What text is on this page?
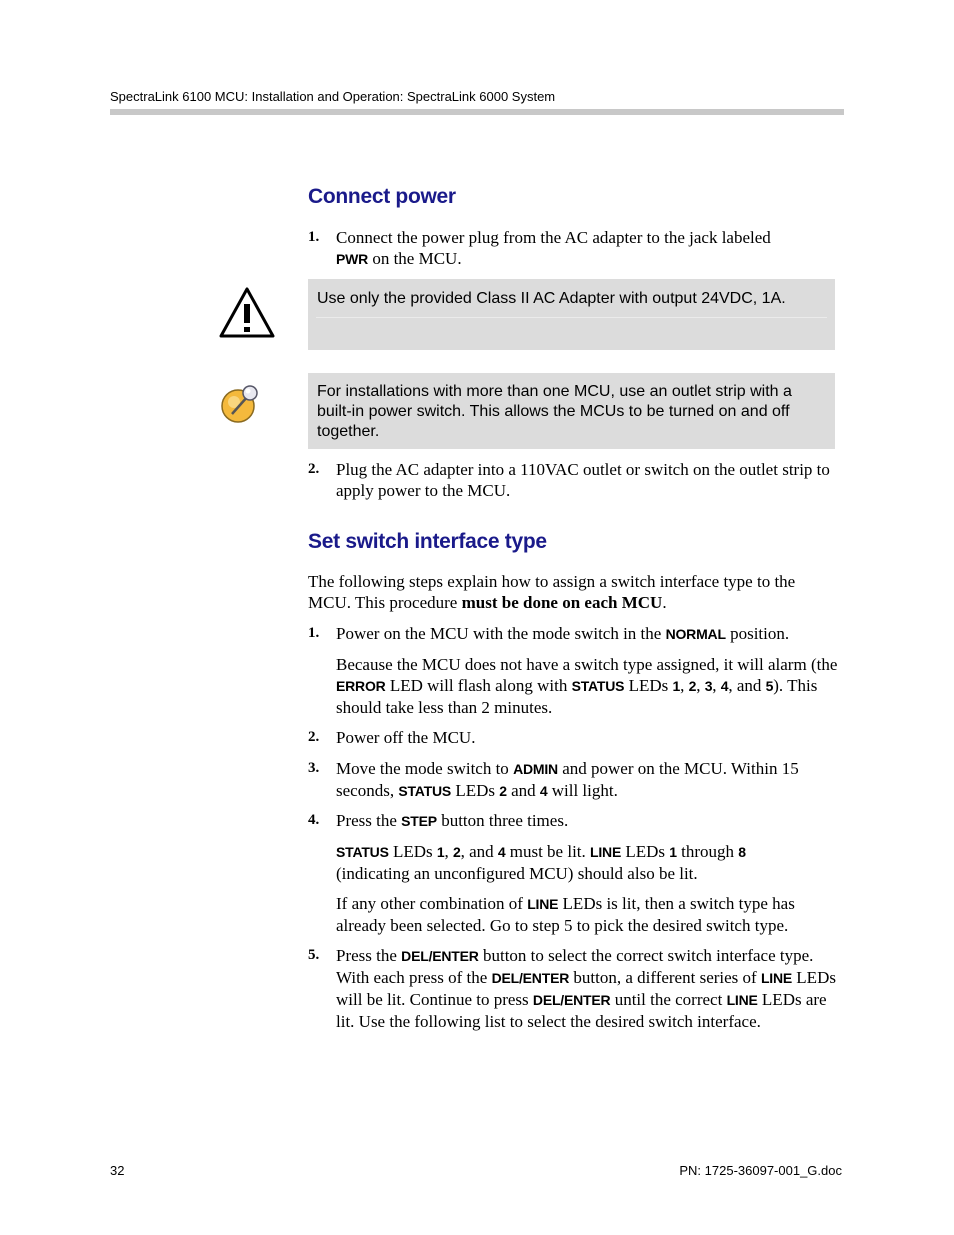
SpectraLink 6100 MCU: Installation and Operation: SpectraLink 6000 System
Connect power
1. Connect the power plug from the AC adapter to the jack labeled
PWR on the MCU.
Use only the provided Class II AC Adapter with output 24VDC, 1A.
For installations with more than one MCU, use an outlet strip with a built-in power switch. This allows the MCUs to be turned on and off together.
2. Plug the AC adapter into a 110VAC outlet or switch on the outlet strip to apply power to the MCU.
Set switch interface type
The following steps explain how to assign a switch interface type to the MCU. This procedure must be done on each MCU.
1. Power on the MCU with the mode switch in the NORMAL position.
Because the MCU does not have a switch type assigned, it will alarm (the ERROR LED will flash along with STATUS LEDs 1, 2, 3, 4, and 5). This should take less than 2 minutes.
2. Power off the MCU.
3. Move the mode switch to ADMIN and power on the MCU. Within 15 seconds, STATUS LEDs 2 and 4 will light.
4. Press the STEP button three times.
STATUS LEDs 1, 2, and 4 must be lit. LINE LEDs 1 through 8 (indicating an unconfigured MCU) should also be lit.
If any other combination of LINE LEDs is lit, then a switch type has already been selected. Go to step 5 to pick the desired switch type.
5. Press the DEL/ENTER button to select the correct switch interface type. With each press of the DEL/ENTER button, a different series of LINE LEDs will be lit. Continue to press DEL/ENTER until the correct LINE LEDs are lit. Use the following list to select the desired switch interface.
32	PN: 1725-36097-001_G.doc
